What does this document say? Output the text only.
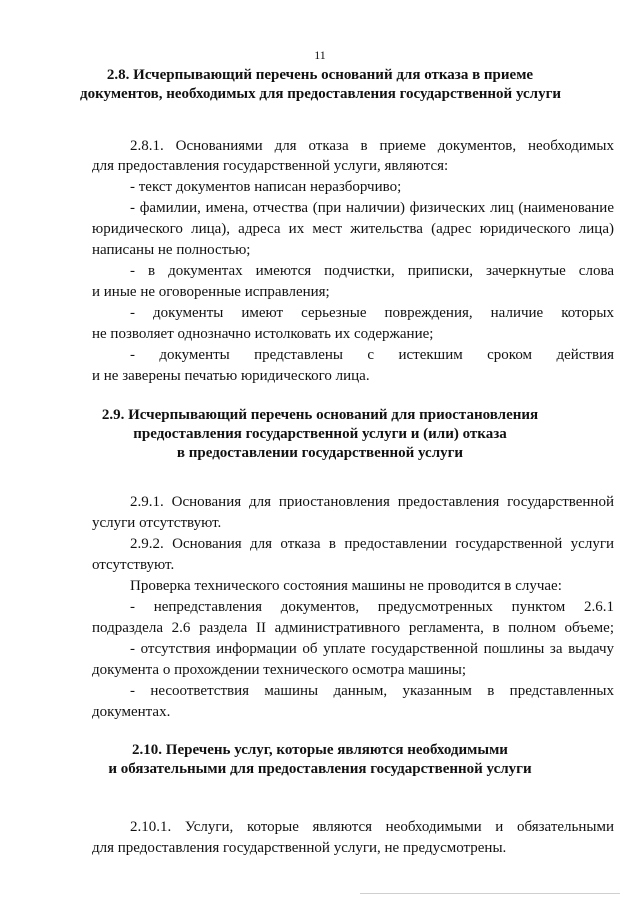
11
2.8. Исчерпывающий перечень оснований для отказа в приеме
документов, необходимых для предоставления государственной услуги
2.8.1. Основаниями для отказа в приеме документов, необходимых
для предоставления государственной услуги, являются:
- текст документов написан неразборчиво;
- фамилии, имена, отчества (при наличии) физических лиц (наименование
юридического лица), адреса их мест жительства (адрес юридического лица)
написаны не полностью;
- в документах имеются подчистки, приписки, зачеркнутые слова
и иные не оговоренные исправления;
- документы имеют серьезные повреждения, наличие которых
не позволяет однозначно истолковать их содержание;
- документы представлены с истекшим сроком действия
и не заверены печатью юридического лица.
2.9. Исчерпывающий перечень оснований для приостановления
предоставления государственной услуги и (или) отказа
в предоставлении государственной услуги
2.9.1. Основания для приостановления предоставления государственной
услуги отсутствуют.
2.9.2. Основания для отказа в предоставлении государственной услуги
отсутствуют.
Проверка технического состояния машины не проводится в случае:
- непредставления документов, предусмотренных пунктом 2.6.1
подраздела 2.6 раздела II административного регламента, в полном объеме;
- отсутствия информации об уплате государственной пошлины за выдачу
документа о прохождении технического осмотра машины;
- несоответствия машины данным, указанным в представленных
документах.
2.10. Перечень услуг, которые являются необходимыми
и обязательными для предоставления государственной услуги
2.10.1. Услуги, которые являются необходимыми и обязательными
для предоставления государственной услуги, не предусмотрены.
